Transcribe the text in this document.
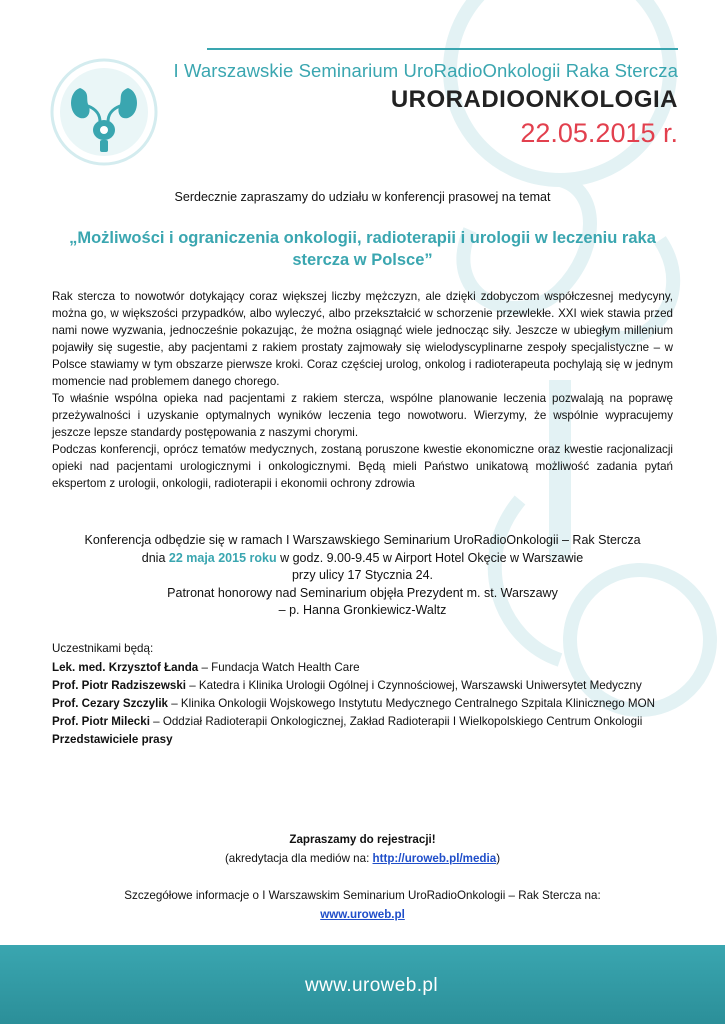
I Warszawskie Seminarium UroRadioOnkologii Raka Stercza
URORADIOONKOLOGIA
22.05.2015 r.
Serdecznie zapraszamy do udziału w konferencji prasowej na temat
„Możliwości i ograniczenia onkologii, radioterapii i urologii w leczeniu raka stercza w Polsce”

Rak stercza to nowotwór dotykający coraz większej liczby mężczyzn, ale dzięki zdobyczom współczesnej medycyny, można go, w większości przypadków, albo wyleczyć, albo przekształcić w schorzenie przewlekłe. XXI wiek stawia przed nami nowe wyzwania, jednocześnie pokazując, że można osiągnąć wiele jednocząc siły. Jeszcze w ubiegłym millenium pojawiły się sugestie, aby pacjentami z rakiem prostaty zajmowały się wielodyscyplinarne zespoły specjalistyczne – w Polsce stawiamy w tym obszarze pierwsze kroki. Coraz częściej urolog, onkolog i radioterapeuta pochylają się w jednym momencie nad problemem danego chorego.

To właśnie wspólna opieka nad pacjentami z rakiem stercza, wspólne planowanie leczenia pozwalają na poprawę przeżywalności i uzyskanie optymalnych wyników leczenia tego nowotworu. Wierzymy, że wspólnie wypracujemy jeszcze lepsze standardy postępowania z naszymi chorymi.

Podczas konferencji, oprócz tematów medycznych, zostaną poruszone kwestie ekonomiczne oraz kwestie racjonalizacji opieki nad pacjentami urologicznymi i onkologicznymi. Będą mieli Państwo unikatową możliwość zadania pytań ekspertom z urologii, onkologii, radioterapii i ekonomii ochrony zdrowia

Konferencja odbędzie się w ramach I Warszawskiego Seminarium UroRadioOnkologii – Rak Stercza
dnia 22 maja 2015 roku w godz. 9.00-9.45 w Airport Hotel Okęcie w Warszawie
przy ulicy 17 Stycznia 24.
Patronat honorowy nad Seminarium objęła Prezydent m. st. Warszawy
– p. Hanna Gronkiewicz-Waltz
Uczestnikami będą:
Lek. med. Krzysztof Łanda – Fundacja Watch Health Care
Prof. Piotr Radziszewski – Katedra i Klinika Urologii Ogólnej i Czynnościowej, Warszawski Uniwersytet Medyczny
Prof. Cezary Szczylik – Klinika Onkologii Wojskowego Instytutu Medycznego Centralnego Szpitala Klinicznego MON
Prof. Piotr Milecki – Oddział Radioterapii Onkologicznej, Zakład Radioterapii I Wielkopolskiego Centrum Onkologii
Przedstawiciele prasy
Zapraszamy do rejestracji!
(akredytacja dla mediów na: http://uroweb.pl/media)
Szczegółowe informacje o I Warszawskim Seminarium UroRadioOnkologii – Rak Stercza na:
www.uroweb.pl
www.uroweb.pl
